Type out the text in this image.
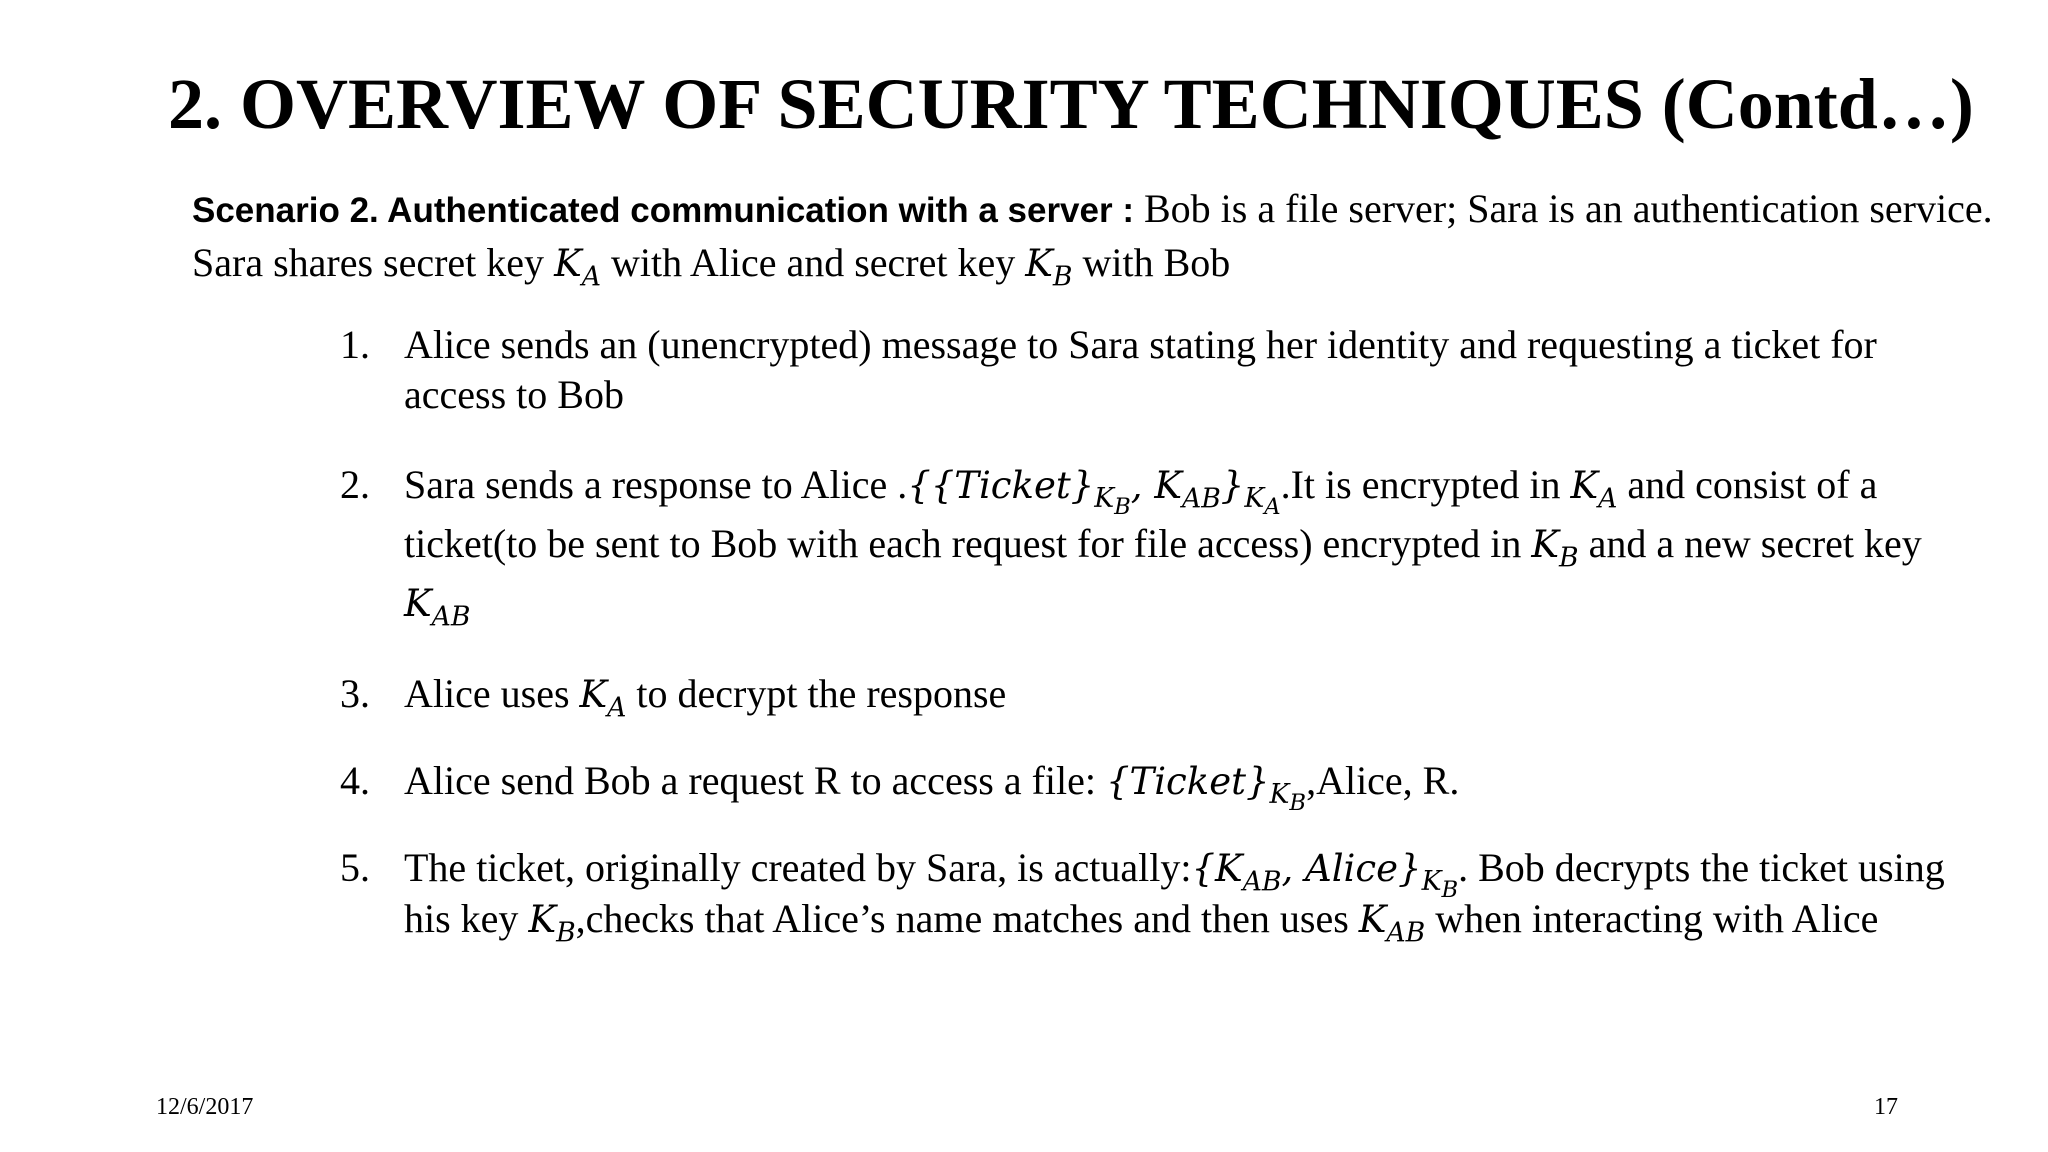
2. OVERVIEW OF SECURITY TECHNIQUES (Contd…)

Scenario 2. Authenticated communication with a server : Bob is a file server; Sara is an authentication service. Sara shares secret key $K_A$ with Alice and secret key $K_B$ with Bob

1. Alice sends an (unencrypted) message to Sara stating her identity and requesting a ticket for access to Bob
2. Sara sends a response to Alice $.\{\{Ticket\}_{K_B}$, $K_{AB}\}_{K_A}.It$ is encrypted in $K_A$ and consist of a ticket(to be sent to Bob with each request for file access) encrypted in $K_B$ and a new secret key $K_{AB}$
3. Alice uses $K_A$ to decrypt the response
4. Alice send Bob a request R to access a file: $\{Ticket\}_{K_B},Alice$, R.
5. The ticket, originally created by Sara, is $actually:\{K_{AB}$, $Alice\}_{K_B}$. Bob decrypts the ticket using his key $K_B,checks$ that Alice’s name matches and then uses $K_{AB}$ when interacting with Alice
12/6/2017	17
